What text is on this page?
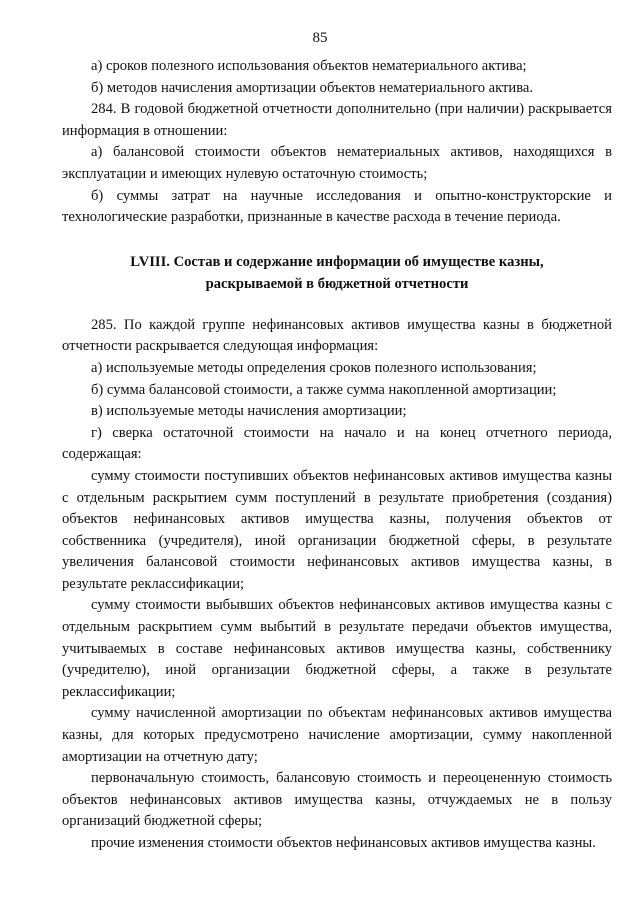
85

а) сроков полезного использования объектов нематериального актива;

б) методов начисления амортизации объектов нематериального актива.

284. В годовой бюджетной отчетности дополнительно (при наличии) раскрывается информация в отношении:

а) балансовой стоимости объектов нематериальных активов, находящихся в эксплуатации и имеющих нулевую остаточную стоимость;

б) суммы затрат на научные исследования и опытно-конструкторские и технологические разработки, признанные в качестве расхода в течение периода.

LVIII. Состав и содержание информации об имуществе казны, раскрываемой в бюджетной отчетности

285. По каждой группе нефинансовых активов имущества казны в бюджетной отчетности раскрывается следующая информация:

а) используемые методы определения сроков полезного использования;

б) сумма балансовой стоимости, а также сумма накопленной амортизации;

в) используемые методы начисления амортизации;

г) сверка остаточной стоимости на начало и на конец отчетного периода, содержащая:

сумму стоимости поступивших объектов нефинансовых активов имущества казны с отдельным раскрытием сумм поступлений в результате приобретения (создания) объектов нефинансовых активов имущества казны, получения объектов от собственника (учредителя), иной организации бюджетной сферы, в результате увеличения балансовой стоимости нефинансовых активов имущества казны, в результате реклассификации;

сумму стоимости выбывших объектов нефинансовых активов имущества казны с отдельным раскрытием сумм выбытий в результате передачи объектов имущества, учитываемых в составе нефинансовых активов имущества казны, собственнику (учредителю), иной организации бюджетной сферы, а также в результате реклассификации;

сумму начисленной амортизации по объектам нефинансовых активов имущества казны, для которых предусмотрено начисление амортизации, сумму накопленной амортизации на отчетную дату;

первоначальную стоимость, балансовую стоимость и переоцененную стоимость объектов нефинансовых активов имущества казны, отчуждаемых не в пользу организаций бюджетной сферы;

прочие изменения стоимости объектов нефинансовых активов имущества казны.
